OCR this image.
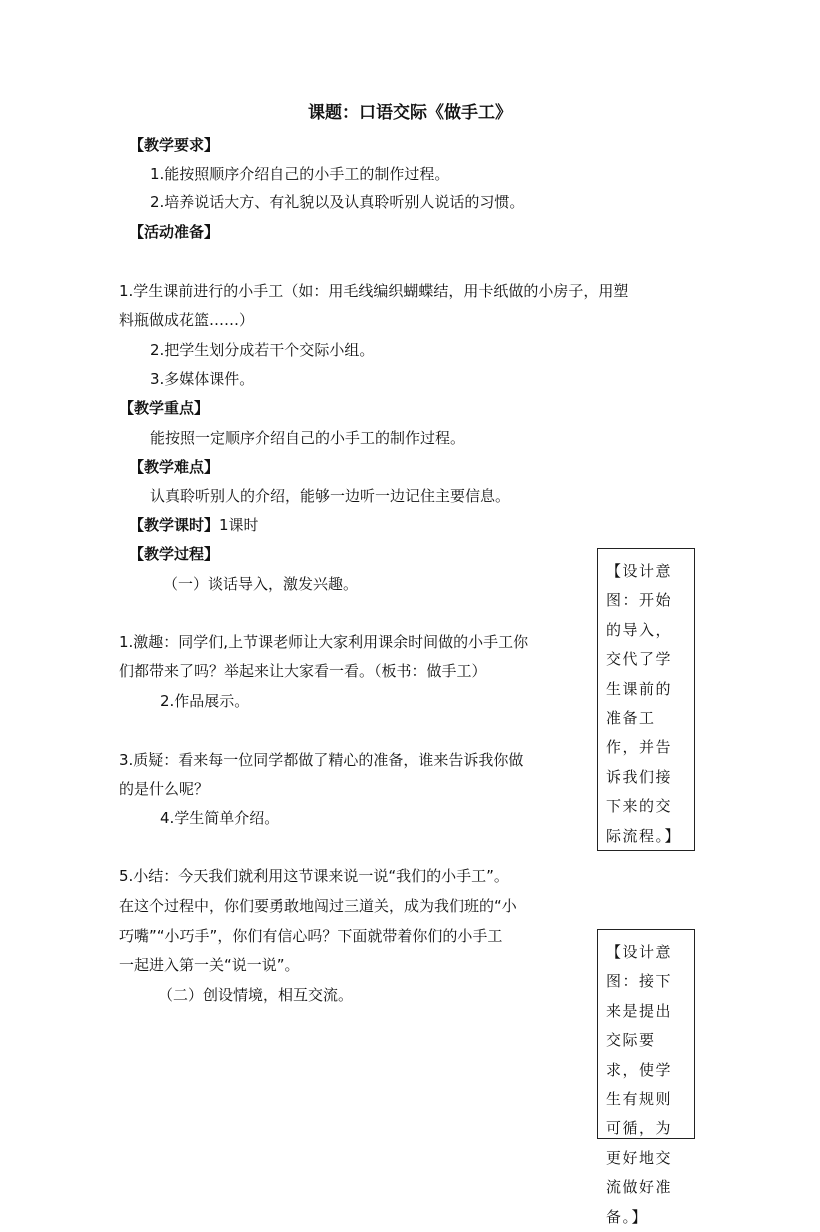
课题：口语交际《做手工》
【教学要求】
1.能按照顺序介绍自己的小手工的制作过程。
2.培养说话大方、有礼貌以及认真聆听别人说话的习惯。
【活动准备】
1.学生课前进行的小手工（如：用毛线编织蝴蝶结，用卡纸做的小房子，用塑
料瓶做成花篮……）
2.把学生划分成若干个交际小组。
3.多媒体课件。
【教学重点】
能按照一定顺序介绍自己的小手工的制作过程。
【教学难点】
认真聆听别人的介绍，能够一边听一边记住主要信息。
【教学课时】1课时
【教学过程】
（一）谈话导入，激发兴趣。
1.激趣：同学们,上节课老师让大家利用课余时间做的小手工你
们都带来了吗？举起来让大家看一看。（板书：做手工）
2.作品展示。
3.质疑：看来每一位同学都做了精心的准备，谁来告诉我你做
的是什么呢？
4.学生简单介绍。
5.小结：今天我们就利用这节课来说一说“我们的小手工”。
在这个过程中，你们要勇敢地闯过三道关，成为我们班的“小
巧嘴”“小巧手”，你们有信心吗？下面就带着你们的小手工
一起进入第一关“说一说”。
（二）创设情境，相互交流。
【设计意图：开始的导入，交代了学生课前的准备工作，并告诉我们接下来的交际流程。】
【设计意图：接下来是提出交际要求，使学生有规则可循，为更好地交流做好准备。】
